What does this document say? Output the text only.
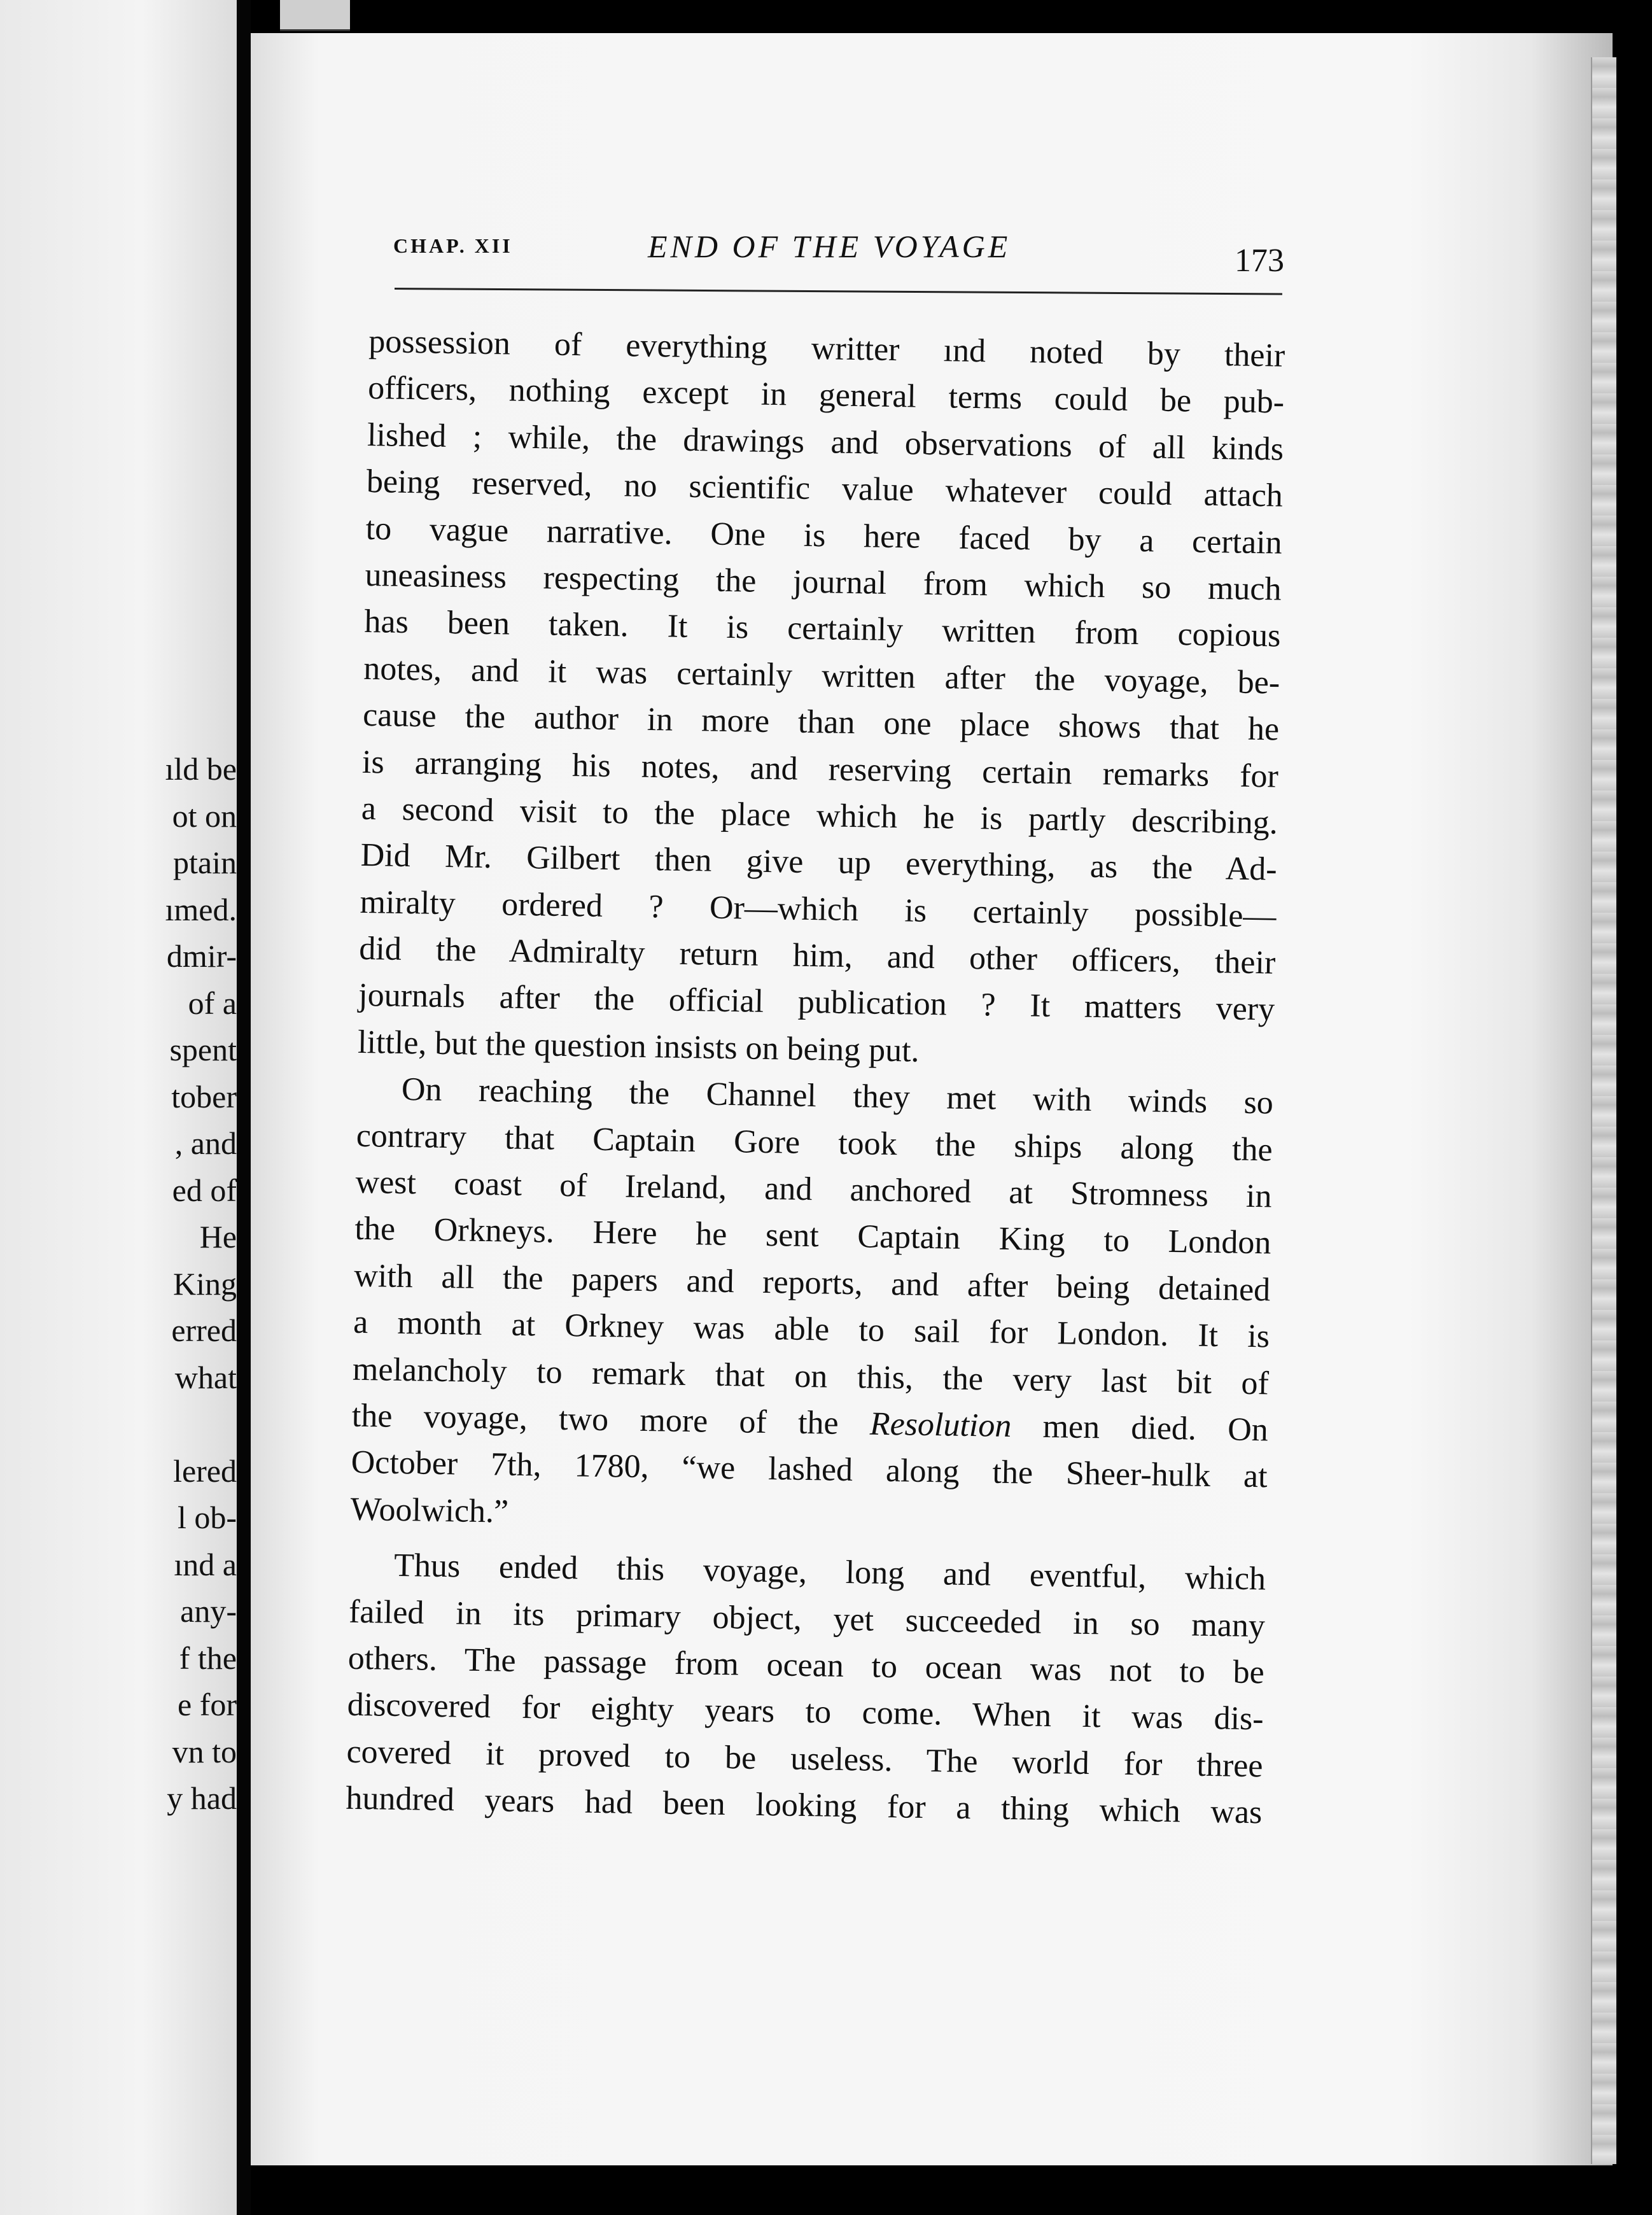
ıld be
ot on
ptain
ımed.
dmir-
of a
spent
tober
, and
ed of
He
King
erred
what

lered
l ob-
ınd a
any-
f the
e for
vn to
y had
CHAP. XII	END OF THE VOYAGE	173
possession of everything writter ınd noted by their
officers, nothing except in general terms could be pub-
lished ; while, the drawings and observations of all kinds
being reserved, no scientific value whatever could attach
to vague narrative. One is here faced by a certain
uneasiness respecting the journal from which so much
has been taken. It is certainly written from copious
notes, and it was certainly written after the voyage, be-
cause the author in more than one place shows that he
is arranging his notes, and reserving certain remarks for
a second visit to the place which he is partly describing.
Did Mr. Gilbert then give up everything, as the Ad-
miralty ordered ? Or—which is certainly possible—
did the Admiralty return him, and other officers, their
journals after the official publication ? It matters very
little, but the question insists on being put.
On reaching the Channel they met with winds so
contrary that Captain Gore took the ships along the
west coast of Ireland, and anchored at Stromness in
the Orkneys. Here he sent Captain King to London
with all the papers and reports, and after being detained
a month at Orkney was able to sail for London. It is
melancholy to remark that on this, the very last bit of
the voyage, two more of the Resolution men died. On
October 7th, 1780, “we lashed along the Sheer-hulk at
Woolwich.”
Thus ended this voyage, long and eventful, which
failed in its primary object, yet succeeded in so many
others. The passage from ocean to ocean was not to be
discovered for eighty years to come. When it was dis-
covered it proved to be useless. The world for three
hundred years had been looking for a thing which was
